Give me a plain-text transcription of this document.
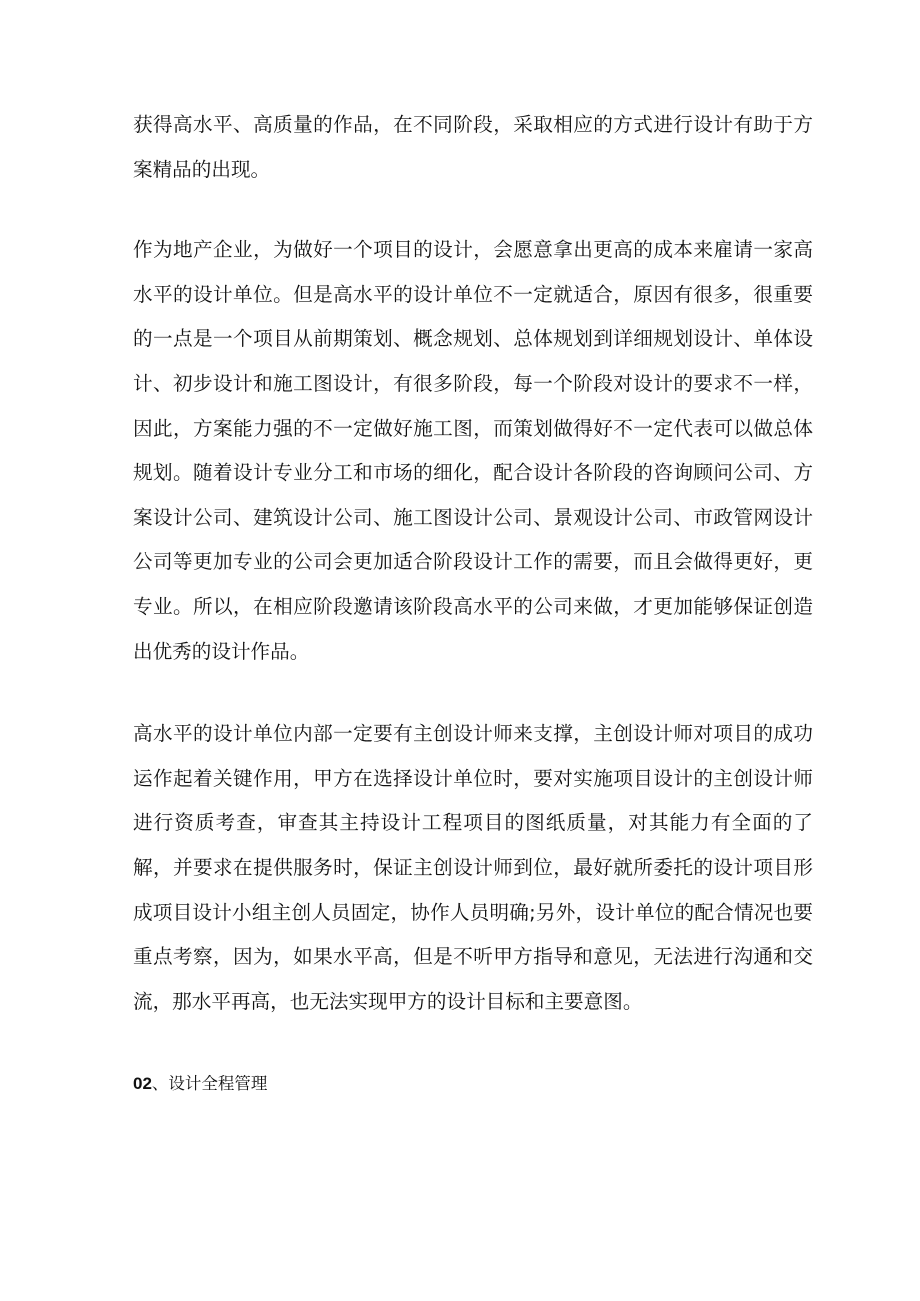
获得高水平、高质量的作品，在不同阶段，采取相应的方式进行设计有助于方案精品的出现。

作为地产企业，为做好一个项目的设计，会愿意拿出更高的成本来雇请一家高水平的设计单位。但是高水平的设计单位不一定就适合，原因有很多，很重要的一点是一个项目从前期策划、概念规划、总体规划到详细规划设计、单体设计、初步设计和施工图设计，有很多阶段，每一个阶段对设计的要求不一样，因此，方案能力强的不一定做好施工图，而策划做得好不一定代表可以做总体规划。随着设计专业分工和市场的细化，配合设计各阶段的咨询顾问公司、方案设计公司、建筑设计公司、施工图设计公司、景观设计公司、市政管网设计公司等更加专业的公司会更加适合阶段设计工作的需要，而且会做得更好，更专业。所以，在相应阶段邀请该阶段高水平的公司来做，才更加能够保证创造出优秀的设计作品。

高水平的设计单位内部一定要有主创设计师来支撑，主创设计师对项目的成功运作起着关键作用，甲方在选择设计单位时，要对实施项目设计的主创设计师进行资质考查，审查其主持设计工程项目的图纸质量，对其能力有全面的了解，并要求在提供服务时，保证主创设计师到位，最好就所委托的设计项目形成项目设计小组主创人员固定，协作人员明确;另外，设计单位的配合情况也要重点考察，因为，如果水平高，但是不听甲方指导和意见，无法进行沟通和交流，那水平再高，也无法实现甲方的设计目标和主要意图。

02、设计全程管理
